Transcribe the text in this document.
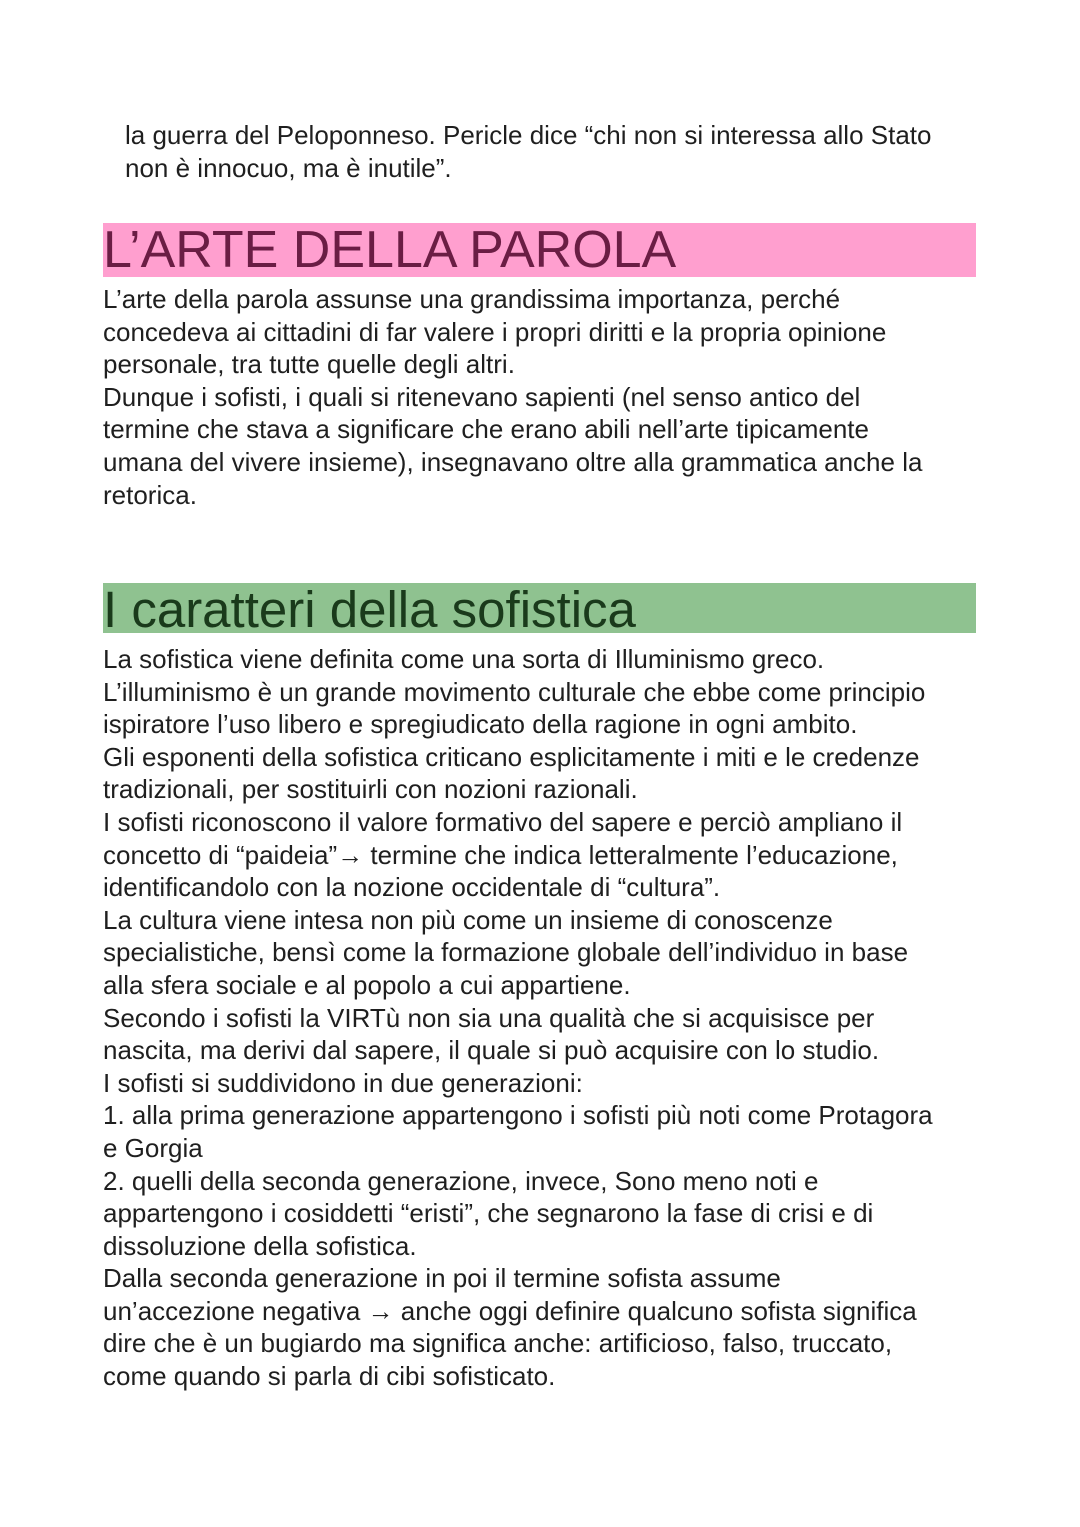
la guerra del Peloponneso. Pericle dice “chi non si interessa allo Stato
non è innocuo, ma è inutile”.
L’ARTE DELLA PAROLA
L’arte della parola assunse una grandissima importanza, perché
concedeva ai cittadini di far valere i propri diritti e la propria opinione
personale, tra tutte quelle degli altri.
Dunque i sofisti, i quali si ritenevano sapienti (nel senso antico del
termine che stava a significare che erano abili nell’arte tipicamente
umana del vivere insieme), insegnavano oltre alla grammatica anche la
retorica.
I caratteri della sofistica
La sofistica viene definita come una sorta di Illuminismo greco.
L’illuminismo è un grande movimento culturale che ebbe come principio
ispiratore l’uso libero e spregiudicato della ragione in ogni ambito.
Gli esponenti della sofistica criticano esplicitamente i miti e le credenze
tradizionali, per sostituirli con nozioni razionali.
I sofisti riconoscono il valore formativo del sapere e perciò ampliano il
concetto di “paideia”→ termine che indica letteralmente l’educazione,
identificandolo con la nozione occidentale di “cultura”.
La cultura viene intesa non più come un insieme di conoscenze
specialistiche, bensì come la formazione globale dell’individuo in base
alla sfera sociale e al popolo a cui appartiene.
Secondo i sofisti la VIRTù non sia una qualità che si acquisisce per
nascita, ma derivi dal sapere, il quale si può acquisire con lo studio.
I sofisti si suddividono in due generazioni:
1. alla prima generazione appartengono i sofisti più noti come Protagora
e Gorgia
2. quelli della seconda generazione, invece, Sono meno noti e
appartengono i cosiddetti “eristi”, che segnarono la fase di crisi e di
dissoluzione della sofistica.
Dalla seconda generazione in poi il termine sofista assume
un’accezione negativa → anche oggi definire qualcuno sofista significa
dire che è un bugiardo ma significa anche: artificioso, falso, truccato,
come quando si parla di cibi sofisticato.
